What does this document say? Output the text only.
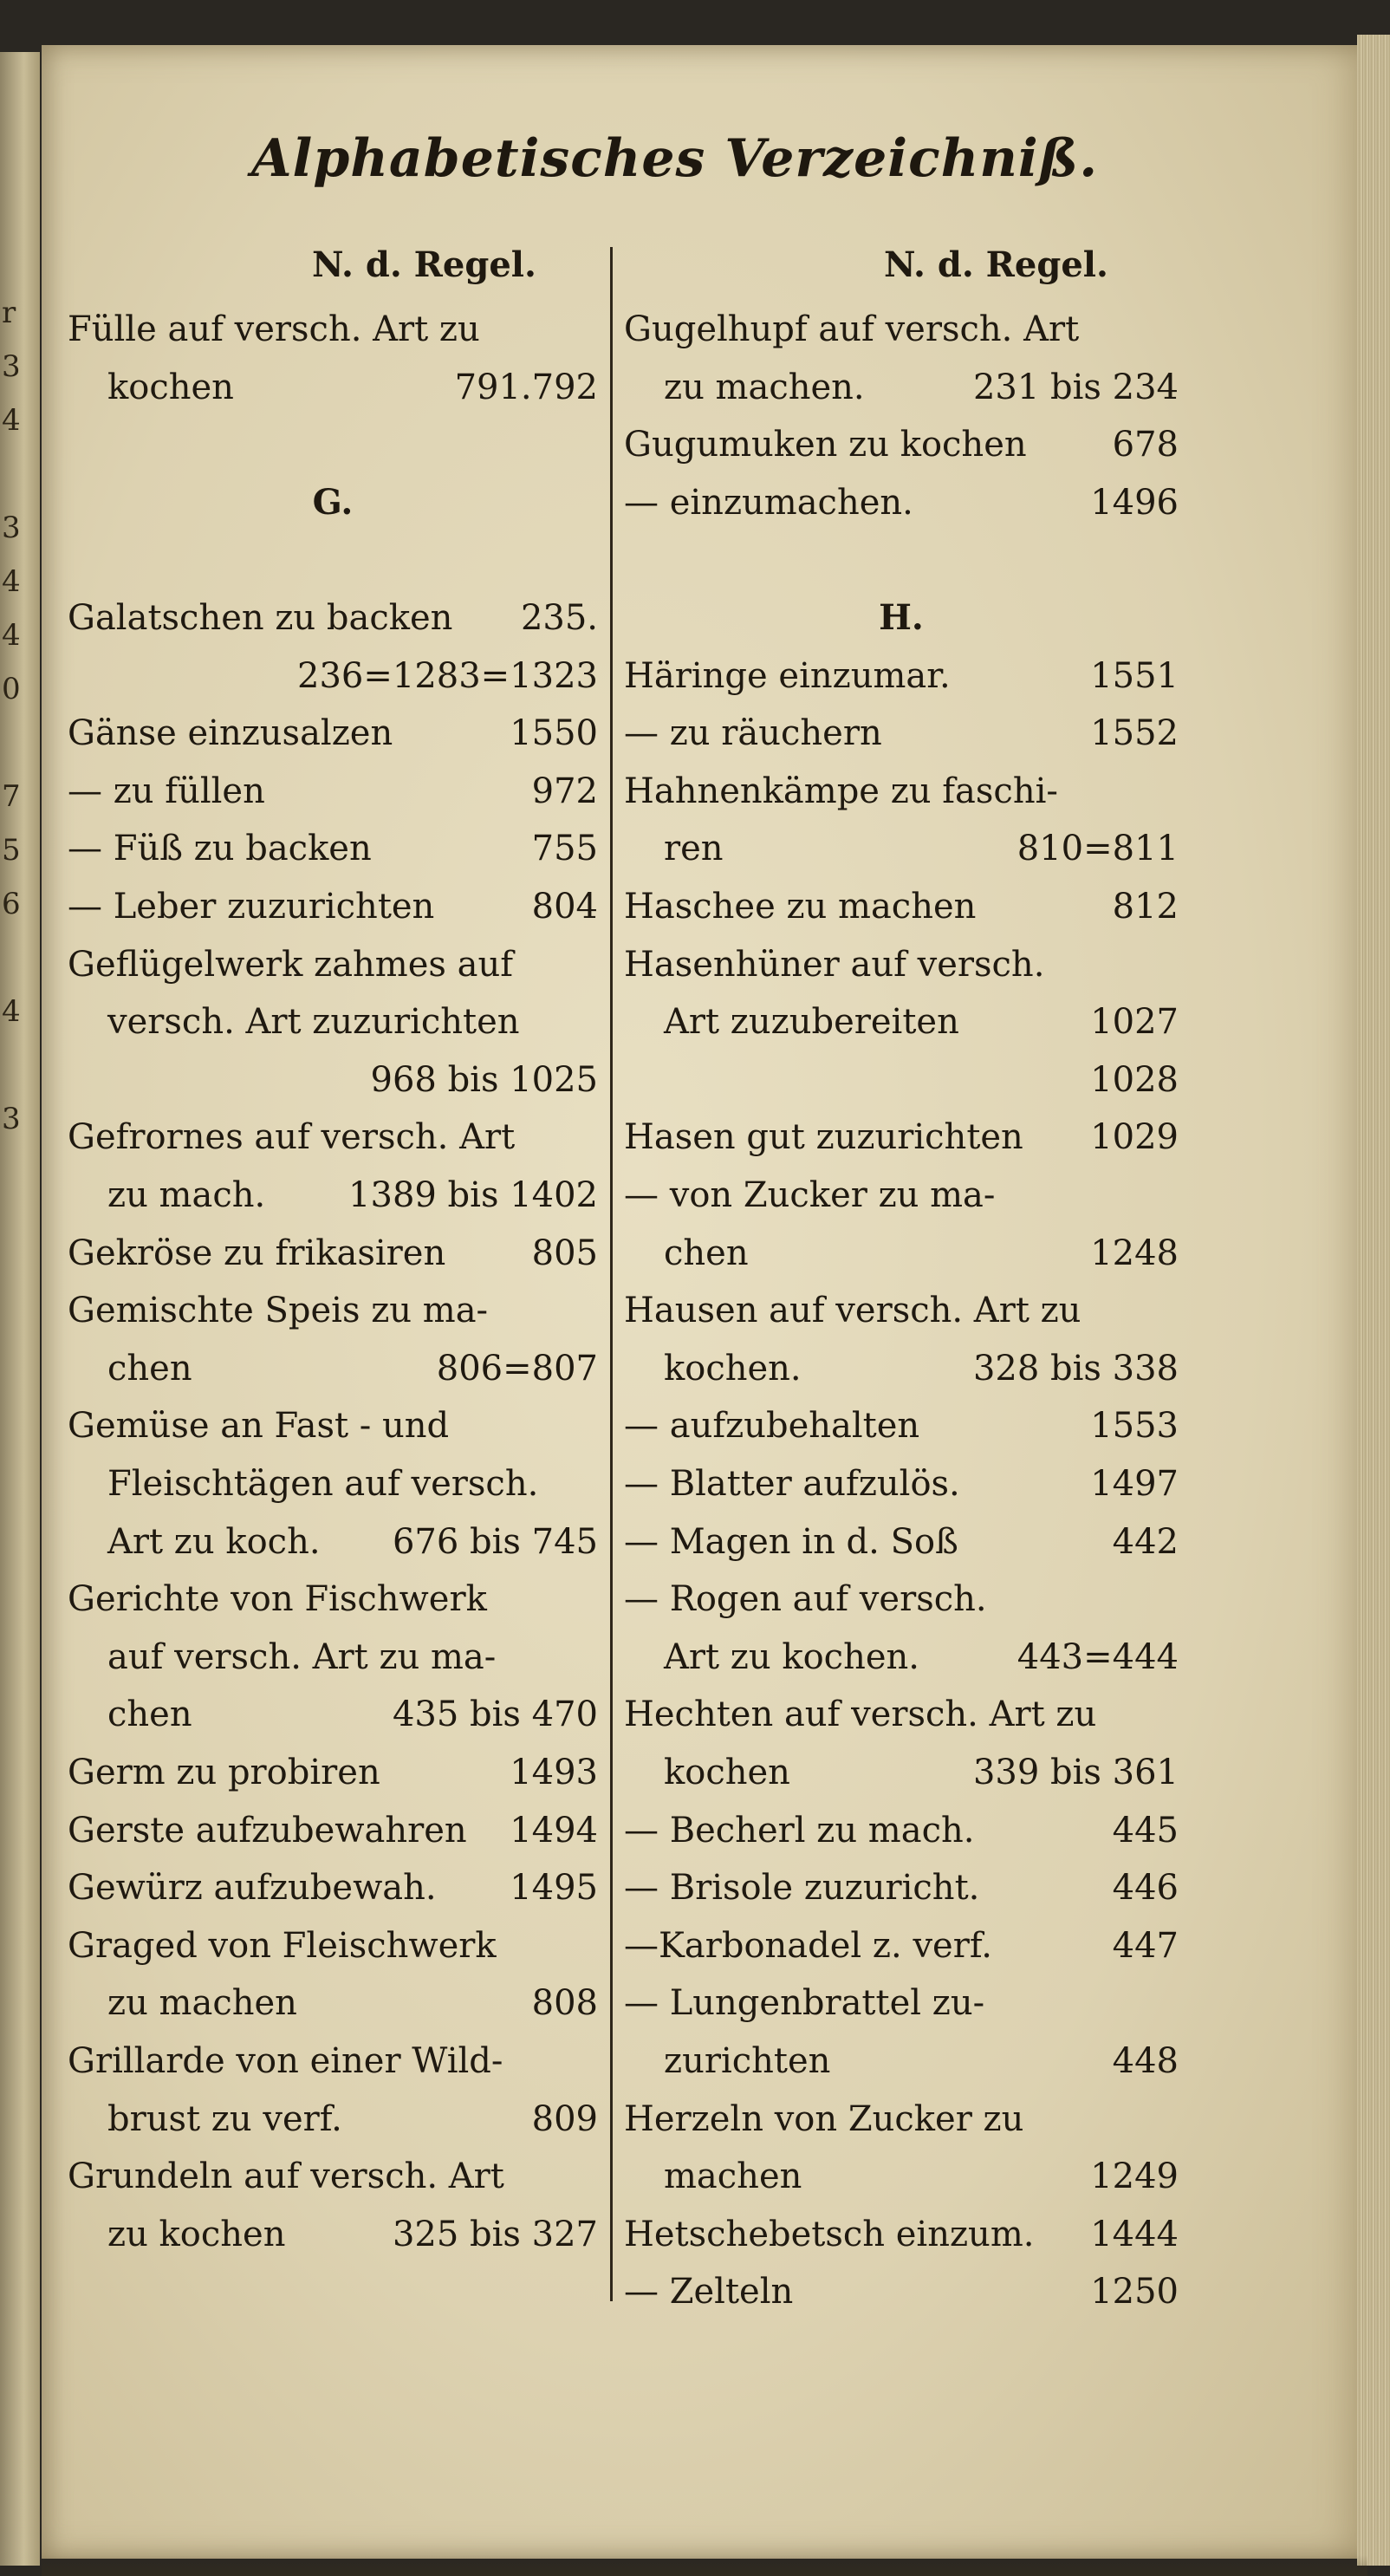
r
3
4
3
4
4
0
7
5
6
4
3
Alphabetisches Verzeichniß.
N. d. Regel.
Fülle auf versch. Art zu
kochen	791.792
G.
Galatschen zu backen 235.
236=1283=1323
Gänse einzusalzen	1550
— zu füllen	972
— Füß zu backen	755
— Leber zuzurichten	804
Geflügelwerk zahmes auf
versch. Art zuzurichten
968 bis 1025
Gefrornes auf versch. Art
zu mach. 1389 bis 1402
Gekröse zu frikasiren 805
Gemischte Speis zu ma-
chen	806=807
Gemüse an Fast - und
Fleischtägen auf versch.
Art zu koch. 676 bis 745
Gerichte von Fischwerk
auf versch. Art zu ma-
chen	435 bis 470
Germ zu probiren	1493
Gerste aufzubewahren 1494
Gewürz aufzubewah. 1495
Graged von Fleischwerk
zu machen	808
Grillarde von einer Wild-
brust zu verf.	809
Grundeln auf versch. Art
zu kochen	325 bis 327
N. d. Regel.
Gugelhupf auf versch. Art
zu machen.	231 bis 234
Gugumuken zu kochen 678
— einzumachen.	1496
H.
Häringe einzumar.	1551
— zu räuchern	1552
Hahnenkämpe zu faschi-
ren	810=811
Haschee zu machen	812
Hasenhüner auf versch.
Art zuzubereiten	1027
1028
Hasen gut zuzurichten 1029
— von Zucker zu ma-
chen	1248
Hausen auf versch. Art zu
kochen.	328 bis 338
— aufzubehalten	1553
— Blatter aufzulös.	1497
— Magen in d. Soß	442
— Rogen auf versch.
Art zu kochen.	443=444
Hechten auf versch. Art zu
kochen	339 bis 361
— Becherl zu mach.	445
— Brisole zuzuricht.	446
—Karbonadel z. verf.	447
— Lungenbrattel zu-
zurichten	448
Herzeln von Zucker zu
machen	1249
Hetschebetsch einzum. 1444
— Zelteln	1250
